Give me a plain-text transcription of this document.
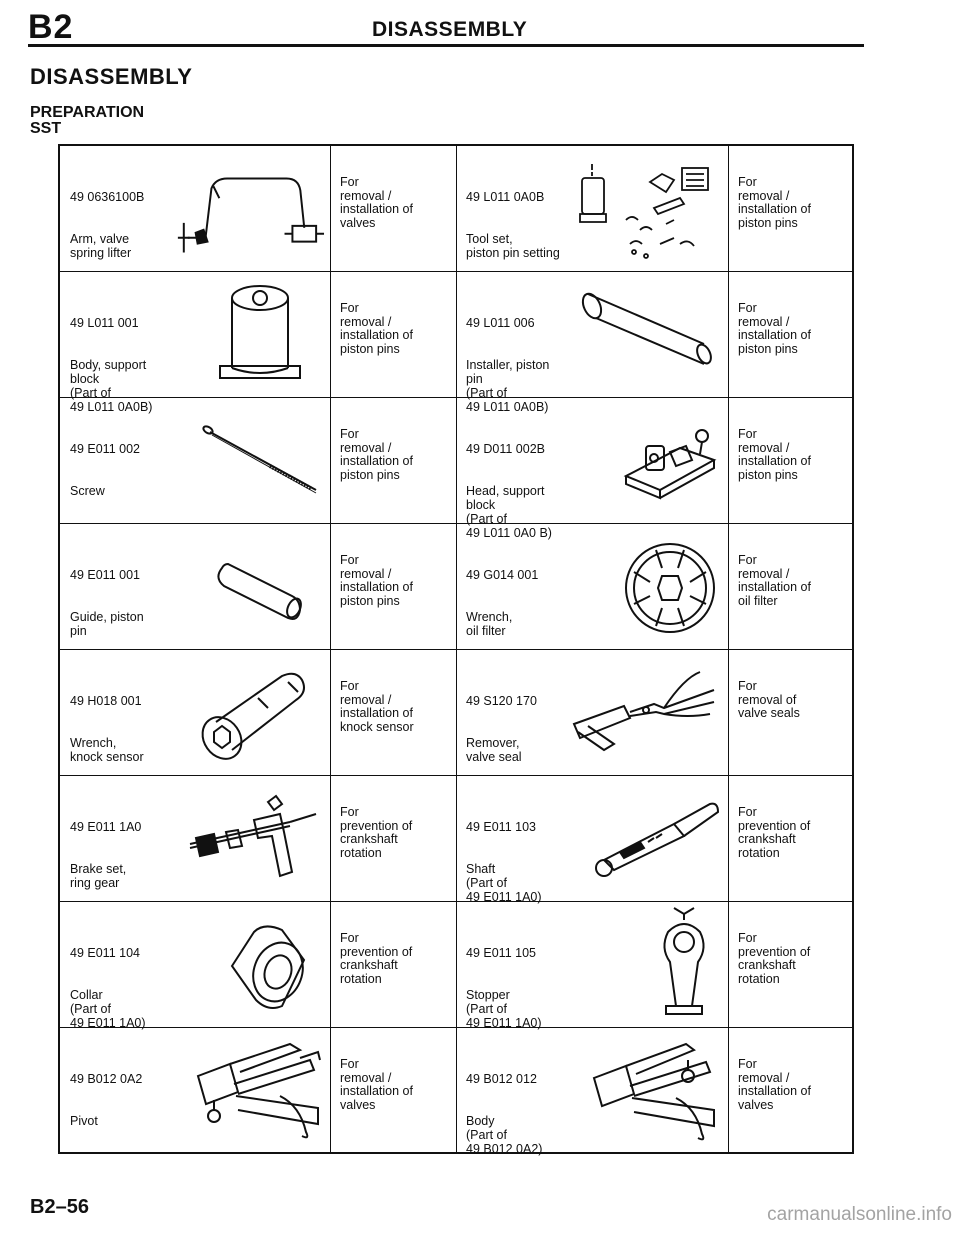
B2	DISASSEMBLY
DISASSEMBLY
PREPARATION
SST

49 0636100B

Arm, valve
spring lifter

For
removal /
installation of
valves

49 L011 0A0B

Tool set,
piston pin setting

For
removal /
installation of
piston pins

49 L011 001

Body, support
block
(Part of
49 L011 0A0B)

For
removal /
installation of
piston pins

49 L011 006

Installer, piston
pin
(Part of
49 L011 0A0B)

For
removal /
installation of
piston pins

49 E011 002

Screw

For
removal /
installation of
piston pins

49 D011 002B

Head, support
block
(Part of
49 L011 0A0 B)

For
removal /
installation of
piston pins

49 E011 001

Guide, piston
pin

For
removal /
installation of
piston pins

49 G014 001

Wrench,
oil filter

For
removal /
installation of
oil filter

49 H018 001

Wrench,
knock sensor

For
removal /
installation of
knock sensor

49 S120 170

Remover,
valve seal

For
removal of
valve seals

49 E011 1A0

Brake set,
ring gear

For
prevention of
crankshaft
rotation

49 E011 103

Shaft
(Part of
49 E011 1A0)

For
prevention of
crankshaft
rotation

49 E011 104

Collar
(Part of
49 E011 1A0)

For
prevention of
crankshaft
rotation

49 E011 105

Stopper
(Part of
49 E011 1A0)

For
prevention of
crankshaft
rotation

49 B012 0A2

Pivot

For
removal /
installation of
valves

49 B012 012

Body
(Part of
49 B012 0A2)

For
removal /
installation of
valves
B2–56	carmanualsonline.info
